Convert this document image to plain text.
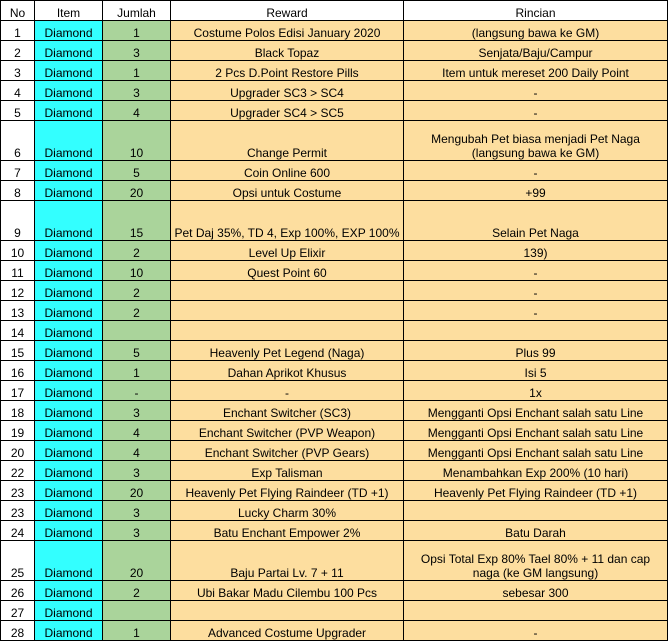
No	Item	Jumlah	Reward	Rincian
1	Diamond	1	Costume Polos Edisi January 2020	(langsung bawa ke GM)
2	Diamond	3	Black Topaz	Senjata/Baju/Campur
3	Diamond	1	2 Pcs D.Point Restore Pills	Item untuk mereset 200 Daily Point
4	Diamond	3	Upgrader SC3 > SC4	-
5	Diamond	4	Upgrader SC4 > SC5	-
6	Diamond	10	Change Permit	Mengubah Pet biasa menjadi Pet Naga (langsung bawa ke GM)
7	Diamond	5	Coin Online 600	-
8	Diamond	20	Opsi untuk Costume	+99
9	Diamond	15	Pet Daj 35%, TD 4, Exp 100%, EXP 100%	Selain Pet Naga
10	Diamond	2	Level Up Elixir	139)
11	Diamond	10	Quest Point 60	-
12	Diamond	2		-
13	Diamond	2		-
14	Diamond			
15	Diamond	5	Heavenly Pet Legend (Naga)	Plus 99
16	Diamond	1	Dahan Aprikot Khusus	Isi 5
17	Diamond	-	-	1x
18	Diamond	3	Enchant Switcher (SC3)	Mengganti Opsi Enchant salah satu Line
19	Diamond	4	Enchant Switcher (PVP Weapon)	Mengganti Opsi Enchant salah satu Line
20	Diamond	4	Enchant Switcher (PVP Gears)	Mengganti Opsi Enchant salah satu Line
22	Diamond	3	Exp Talisman	Menambahkan Exp 200% (10 hari)
23	Diamond	20	Heavenly Pet Flying Raindeer (TD +1)	Heavenly Pet Flying Raindeer (TD +1)
23	Diamond	3	Lucky Charm 30%	
24	Diamond	3	Batu Enchant Empower 2%	Batu Darah
25	Diamond	20	Baju Partai Lv. 7 + 11	Opsi Total Exp 80% Tael 80% + 11 dan cap naga (ke GM langsung)
26	Diamond	2	Ubi Bakar Madu Cilembu 100 Pcs	sebesar 300
27	Diamond			
28	Diamond	1	Advanced Costume Upgrader	-
